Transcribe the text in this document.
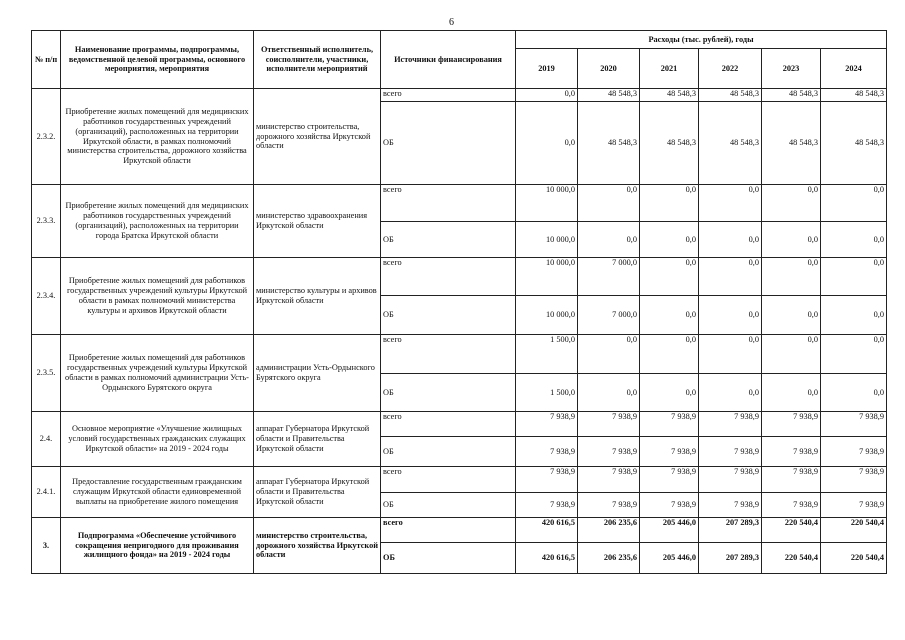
6
№ п/п	Наименование программы, подпрограммы, ведомственной целевой программы, основного мероприятия, мероприятия	Ответственный исполнитель, соисполнители, участники, исполнители мероприятий	Источники финансирования	Расходы (тыс. рублей), годы					
				2019	2020	2021	2022	2023	2024
2.3.2.	Приобретение жилых помещений для медицинских работников государственных учреждений (организаций), расположенных на территории Иркутской области, в рамках полномочий министерства строительства, дорожного хозяйства Иркутской области	министерство строительства, дорожного хозяйства Иркутской области	всего	0,0	48 548,3	48 548,3	48 548,3	48 548,3	48 548,3
			ОБ	0,0	48 548,3	48 548,3	48 548,3	48 548,3	48 548,3
2.3.3.	Приобретение жилых помещений для медицинских работников государственных учреждений (организаций), расположенных на территории города Братска Иркутской области	министерство здравоохранения Иркутской области	всего	10 000,0	0,0	0,0	0,0	0,0	0,0
			ОБ	10 000,0	0,0	0,0	0,0	0,0	0,0
2.3.4.	Приобретение жилых помещений для работников государственных учреждений культуры Иркутской области в рамках полномочий министерства культуры и архивов Иркутской области	министерство культуры и архивов Иркутской области	всего	10 000,0	7 000,0	0,0	0,0	0,0	0,0
			ОБ	10 000,0	7 000,0	0,0	0,0	0,0	0,0
2.3.5.	Приобретение жилых помещений для работников государственных учреждений культуры Иркутской области в рамках полномочий администрации Усть-Ордынского Бурятского округа	администрации Усть-Ордынского Бурятского округа	всего	1 500,0	0,0	0,0	0,0	0,0	0,0
			ОБ	1 500,0	0,0	0,0	0,0	0,0	0,0
2.4.	Основное мероприятие «Улучшение жилищных условий государственных гражданских служащих Иркутской области» на 2019 - 2024 годы	аппарат Губернатора Иркутской области и Правительства Иркутской области	всего	7 938,9	7 938,9	7 938,9	7 938,9	7 938,9	7 938,9
			ОБ	7 938,9	7 938,9	7 938,9	7 938,9	7 938,9	7 938,9
2.4.1.	Предоставление государственным гражданским служащим Иркутской области единовременной выплаты на приобретение жилого помещения	аппарат Губернатора Иркутской области и Правительства Иркутской области	всего	7 938,9	7 938,9	7 938,9	7 938,9	7 938,9	7 938,9
			ОБ	7 938,9	7 938,9	7 938,9	7 938,9	7 938,9	7 938,9
3.	Подпрограмма «Обеспечение устойчивого сокращения непригодного для проживания жилищного фонда» на 2019 - 2024 годы	министерство строительства, дорожного хозяйства Иркутской области	всего	420 616,5	206 235,6	205 446,0	207 289,3	220 540,4	220 540,4
			ОБ	420 616,5	206 235,6	205 446,0	207 289,3	220 540,4	220 540,4
